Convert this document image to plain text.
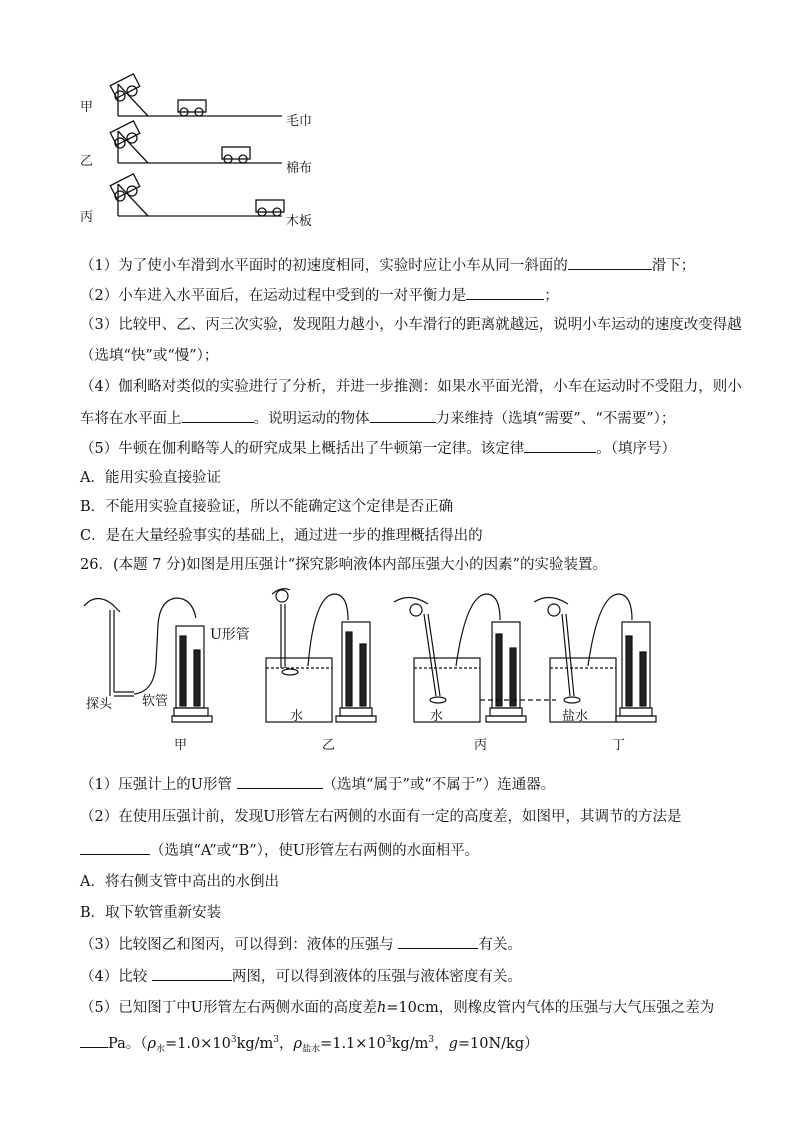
甲
毛巾
乙	棉布
丙	木板
（1）为了使小车滑到水平面时的初速度相同，实验时应让小车从同一斜面的	滑下；
（2）小车进入水平面后，在运动过程中受到的一对平衡力是	；
（3）比较甲、乙、丙三次实验，发现阻力越小，小车滑行的距离就越远，说明小车运动的速度改变得越
（选填“快”或“慢”）；
（4）伽利略对类似的实验进行了分析，并进一步推测：如果水平面光滑，小车在运动时不受阻力，则小
车将在水平面上	。说明运动的物体	力来维持（选填“需要”、“不需要”）；
（5）牛顿在伽利略等人的研究成果上概括出了牛顿第一定律。该定律	。（填序号）
A．能用实验直接验证
B．不能用实验直接验证，所以不能确定这个定律是否正确
C．是在大量经验事实的基础上，通过进一步的推理概括得出的
26．(本题 7 分)如图是用压强计“探究影响液体内部压强大小的因素”的实验装置。
U形管
探头 软管
水	水	盐水
甲	乙	丙	丁
（1）压强计上的U形管	（选填“属于”或“不属于”）连通器。
（2）在使用压强计前，发现U形管左右两侧的水面有一定的高度差，如图甲，其调节的方法是
（选填“A”或“B”），使U形管左右两侧的水面相平。
A．将右侧支管中高出的水倒出
B．取下软管重新安装
（3）比较图乙和图丙，可以得到：液体的压强与	有关。
（4）比较	两图，可以得到液体的压强与液体密度有关。
（5）已知图丁中U形管左右两侧水面的高度差h=10cm，则橡皮管内气体的压强与大气压强之差为
Pa。（$\rho_水=1.0\times 10^3kg/m^3$，$\rho_{盐水}=1.1\times 10^3kg/m^3$，g=10N/kg）
